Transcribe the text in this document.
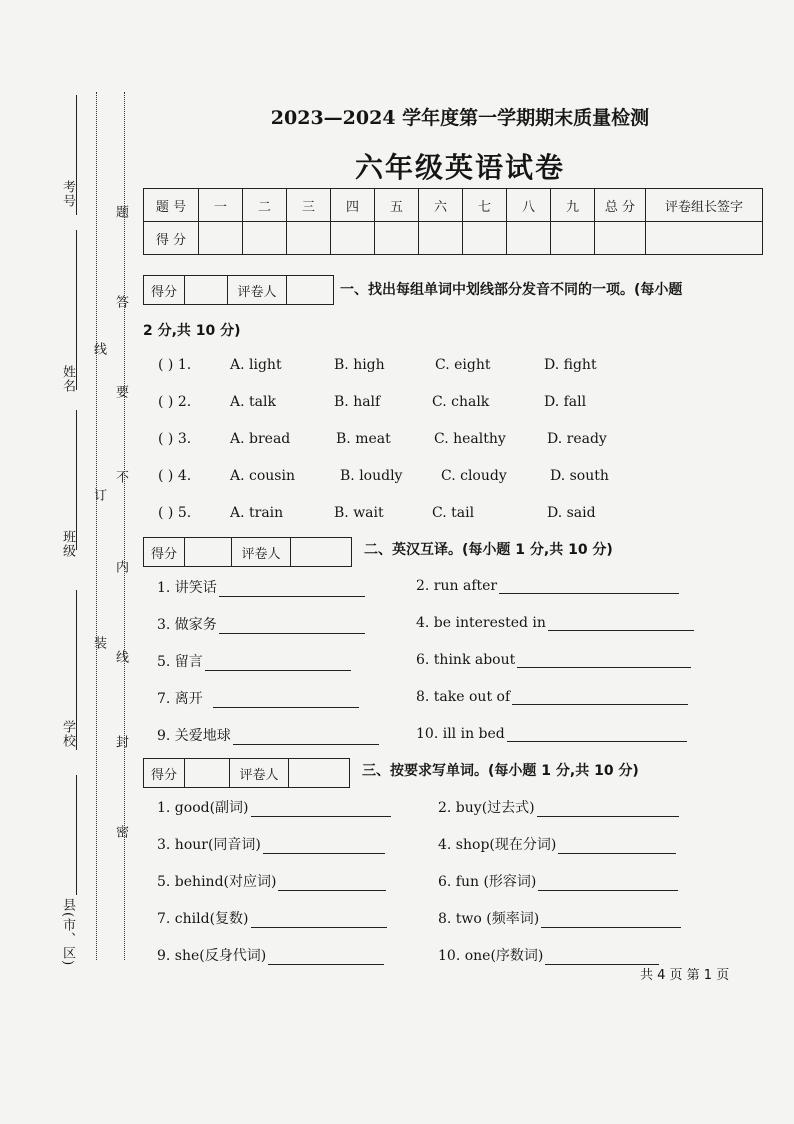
考号
姓名
班级
学校
县(市、区)
题
答
要
不
内
线
封
密
线
订
装
2023—2024 学年度第一学期期末质量检测
六年级英语试卷
题 号	一	二	三	四	五	六	七	八	九	总 分	评卷组长签字
得 分											
得分	评卷人	一、找出每组单词中划线部分发音不同的一项。(每小题
2 分,共 10 分)
( ) 1.	A. light	B. high	C. eight	D. fight
( ) 2.	A. talk	B. half	C. chalk	D. fall
( ) 3.	A. bread	B. meat	C. healthy	D. ready
( ) 4.	A. cousin	B. loudly	C. cloudy	D. south
( ) 5.	A. train	B. wait	C. tail	D. said
得分	评卷人	二、英汉互译。(每小题 1 分,共 10 分)
1. 讲笑话	2. run after
3. 做家务	4. be interested in
5. 留言	6. think about
7. 离开	8. take out of
9. 关爱地球	10. ill in bed
得分	评卷人	三、按要求写单词。(每小题 1 分,共 10 分)
1. good(副词)	2. buy(过去式)
3. hour(同音词)	4. shop(现在分词)
5. behind(对应词)	6. fun (形容词)
7. child(复数)	8. two (频率词)
9. she(反身代词)	10. one(序数词)
共 4 页 第 1 页
